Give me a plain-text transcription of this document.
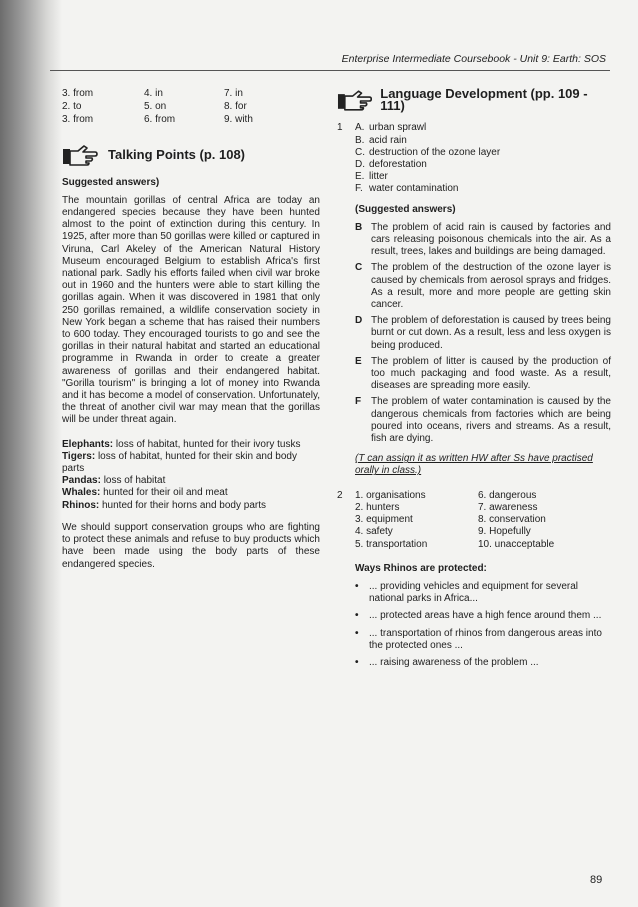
Enterprise Intermediate Coursebook - Unit 9: Earth: SOS
3. from	4. in	7. in
2. to	5. on	8. for
3. from	6. from	9. with
Talking Points (p. 108)
Suggested answers)

The mountain gorillas of central Africa are today an endangered species because they have been hunted almost to the point of extinction during this century. In 1925, after more than 50 gorillas were killed or captured in Viruna, Carl Akeley of the American Natural History Museum encouraged Belgium to establish Africa's first national park. Sadly his efforts failed when civil war broke out in 1960 and the hunters were able to start killing the gorillas again. When it was discovered in 1981 that only 250 gorillas remained, a wildlife conservation society in New York began a scheme that has raised their numbers to 600 today. They encouraged tourists to go and see the gorillas in their natural habitat and started an educational programme in Rwanda in order to create a greater awareness of gorillas and their endangered habitat. "Gorilla tourism" is bringing a lot of money into Rwanda and it has become a model of conservation. Unfortunately, the threat of another civil war may mean that the gorillas will be under threat again.

Elephants: loss of habitat, hunted for their ivory tusks
Tigers: loss of habitat, hunted for their skin and body parts
Pandas: loss of habitat
Whales: hunted for their oil and meat
Rhinos: hunted for their horns and body parts

We should support conservation groups who are fighting to protect these animals and refuse to buy products which have been made using the body parts of these endangered species.

Language Development (pp. 109 - 111)
1	A. urban sprawl
B. acid rain
C. destruction of the ozone layer
D. deforestation
E. litter
F. water contamination
(Suggested answers)
B The problem of acid rain is caused by factories and cars releasing poisonous chemicals into the air. As a result, trees, lakes and buildings are being damaged.
C The problem of the destruction of the ozone layer is caused by chemicals from aerosol sprays and fridges. As a result, more and more people are getting skin cancer.
D The problem of deforestation is caused by trees being burnt or cut down. As a result, less and less oxygen is being produced.
E The problem of litter is caused by the production of too much packaging and food waste. As a result, diseases are spreading more easily.
F The problem of water contamination is caused by the dangerous chemicals from factories which are being poured into oceans, rivers and streams. As a result, fish are dying.
(T can assign it as written HW after Ss have practised
orally in class.)
2	1. organisations	6. dangerous
2. hunters	7. awareness
3. equipment	8. conservation
4. safety	9. Hopefully
5. transportation	10. unacceptable
Ways Rhinos are protected:
•	... providing vehicles and equipment for several national parks in Africa...
•	... protected areas have a high fence around them ...
•	... transportation of rhinos from dangerous areas into the protected ones ...
•	... raising awareness of the problem ...
89
